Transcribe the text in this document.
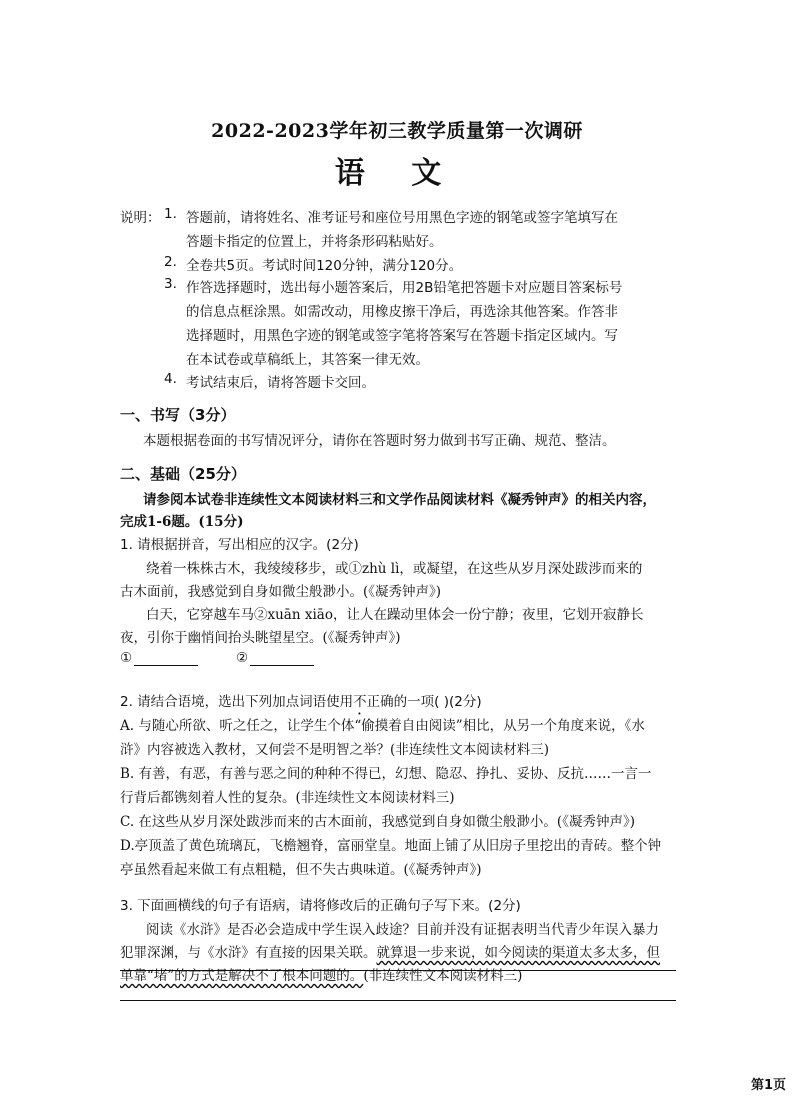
2022-2023学年初三教学质量第一次调研
语 文
说明： 1. 答题前，请将姓名、准考证号和座位号用黑色字迹的钢笔或签字笔填写在
答题卡指定的位置上，并将条形码粘贴好。
2. 全卷共5页。考试时间120分钟，满分120分。
3. 作答选择题时，选出每小题答案后，用2B铅笔把答题卡对应题目答案标号
的信息点框涂黑。如需改动，用橡皮擦干净后，再选涂其他答案。作答非
选择题时，用黑色字迹的钢笔或签字笔将答案写在答题卡指定区域内。写
在本试卷或草稿纸上，其答案一律无效。
4. 考试结束后，请将答题卡交回。
一、书写（3分）
本题根据卷面的书写情况评分，请你在答题时努力做到书写正确、规范、整洁。
二、基础（25分）
请参阅本试卷非连续性文本阅读材料三和文学作品阅读材料《凝秀钟声》的相关内容，
完成1-6题。(15分)
1. 请根据拼音，写出相应的汉字。(2分)
绕着一株株古木，我绫绫移步，或①zhù lì，或凝望，在这些从岁月深处跋涉而来的
古木面前，我感觉到自身如微尘般渺小。(《凝秀钟声》)
白天，它穿越车马②xuān xiāo，让人在躁动里体会一份宁静；夜里，它划开寂静长
夜，引你于幽悄间抬头眺望星空。(《凝秀钟声》)
①	②
2. 请结合语境，选出下列加点词语使用不正确的一项( )(2分)
A. 与随心所欲、听之任之，让学生个体“偷摸着自由阅读”相比，从另一个角度来说，《水
浒》内容被选入教材，又何尝不是明智之举？(非连续性文本阅读材料三)
B. 有善，有恶，有善与恶之间的种种不得已，幻想、隐忍、挣扎、妥协、反抗……一言一
行背后都镌刻着人性的复杂。(非连续性文本阅读材料三)
C. 在这些从岁月深处跋涉而来的古木面前，我感觉到自身如微尘般渺小。(《凝秀钟声》)
D.亭顶盖了黄色琉璃瓦，飞檐翘脊，富丽堂皇。地面上铺了从旧房子里挖出的青砖。整个钟
亭虽然看起来做工有点粗糙，但不失古典味道。(《凝秀钟声》)
3. 下面画横线的句子有语病，请将修改后的正确句子写下来。(2分)
阅读《水浒》是否必会造成中学生误入歧途？目前并没有证据表明当代青少年误入暴力
犯罪深渊，与《水浒》有直接的因果关联。就算退一步来说，如今阅读的渠道太多太多，但
单靠“堵”的方式是解决不了根本问题的。(非连续性文本阅读材料三)
第1页
